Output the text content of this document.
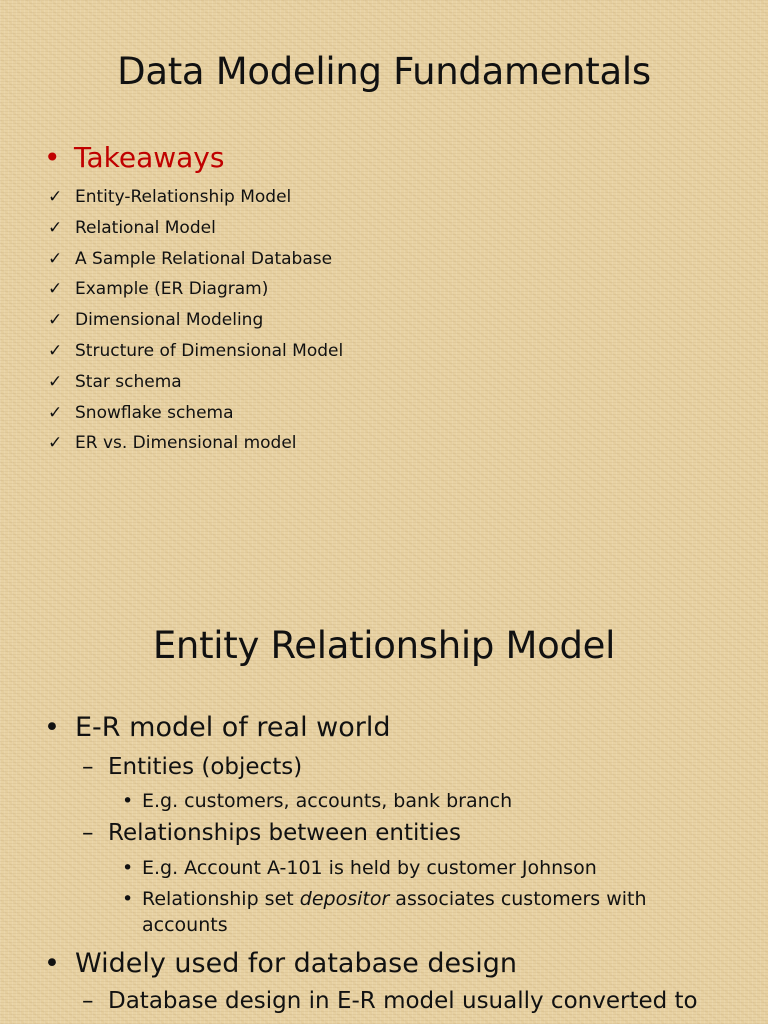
Data Modeling Fundamentals
• Takeaways
✓ Entity-Relationship Model
✓ Relational Model
✓ A Sample Relational Database
✓ Example (ER Diagram)
✓ Dimensional Modeling
✓ Structure of Dimensional Model
✓ Star schema
✓ Snowflake schema
✓ ER vs. Dimensional model
Entity Relationship Model
• E-R model of real world
– Entities (objects)
• E.g. customers, accounts, bank branch
– Relationships between entities
• E.g. Account A-101 is held by customer Johnson
• Relationship set depositor associates customers with
accounts
• Widely used for database design
– Database design in E-R model usually converted to
